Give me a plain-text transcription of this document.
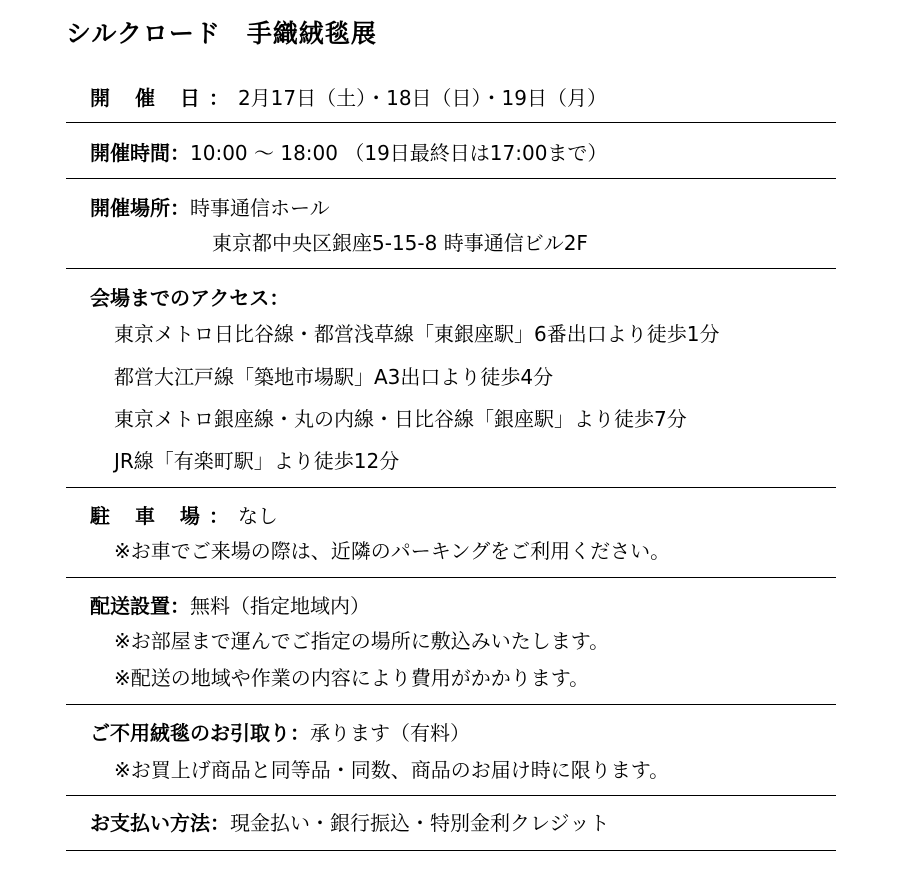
シルクロード　手織絨毯展
開 催 日：2月17日（土）・18日（日）・19日（月）
開催時間：10:00 ～ 18:00 （19日最終日は17:00まで）
開催場所：時事通信ホール
東京都中央区銀座5-15-8 時事通信ビル2F
会場までのアクセス：
東京メトロ日比谷線・都営浅草線「東銀座駅」6番出口より徒歩1分
都営大江戸線「築地市場駅」A3出口より徒歩4分
東京メトロ銀座線・丸の内線・日比谷線「銀座駅」より徒歩7分
JR線「有楽町駅」より徒歩12分
駐 車 場：なし
※お車でご来場の際は、近隣のパーキングをご利用ください。
配送設置：無料（指定地域内）
※お部屋まで運んでご指定の場所に敷込みいたします。
※配送の地域や作業の内容により費用がかかります。
ご不用絨毯のお引取り：承ります（有料）
※お買上げ商品と同等品・同数、商品のお届け時に限ります。
お支払い方法：現金払い・銀行振込・特別金利クレジット
